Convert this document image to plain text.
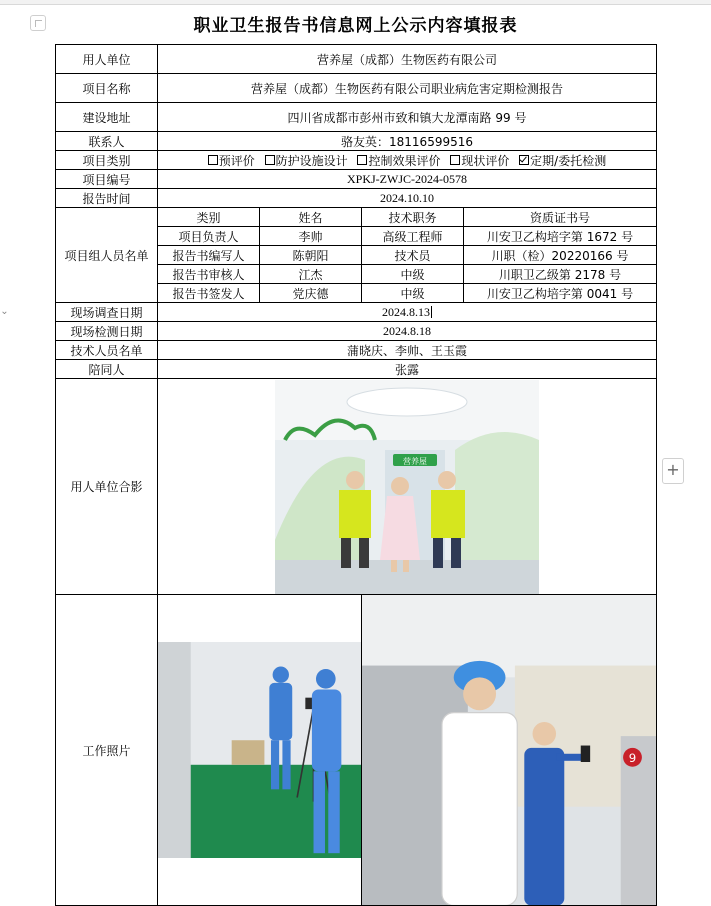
⌄
+
职业卫生报告书信息网上公示内容填报表
用人单位	营养屋（成都）生物医药有限公司			
项目名称	营养屋（成都）生物医药有限公司职业病危害定期检测报告			
建设地址	四川省成都市彭州市致和镇大龙潭南路 99 号			
联系人	骆友英：18116599516			
项目类别	预评价 防护设施设计 控制效果评价 现状评价 定期/委托检测			
项目编号	XPKJ-ZWJC-2024-0578			
报告时间	2024.10.10			
项目组人员名单	类别	姓名	技术职务	资质证书号
	项目负责人	李帅	高级工程师	川安卫乙构培字第 1672 号
	报告书编写人	陈朝阳	技术员	川职（检）20220166 号
	报告书审核人	江杰	中级	川职卫乙级第 2178 号
	报告书签发人	党庆德	中级	川安卫乙构培字第 0041 号
现场调查日期	2024.8.13			
现场检测日期	2024.8.18			
技术人员名单	蒲晓庆、李帅、王玉霞			
陪同人	张露			
用人单位合影	营养屋			

工作照片			9	
